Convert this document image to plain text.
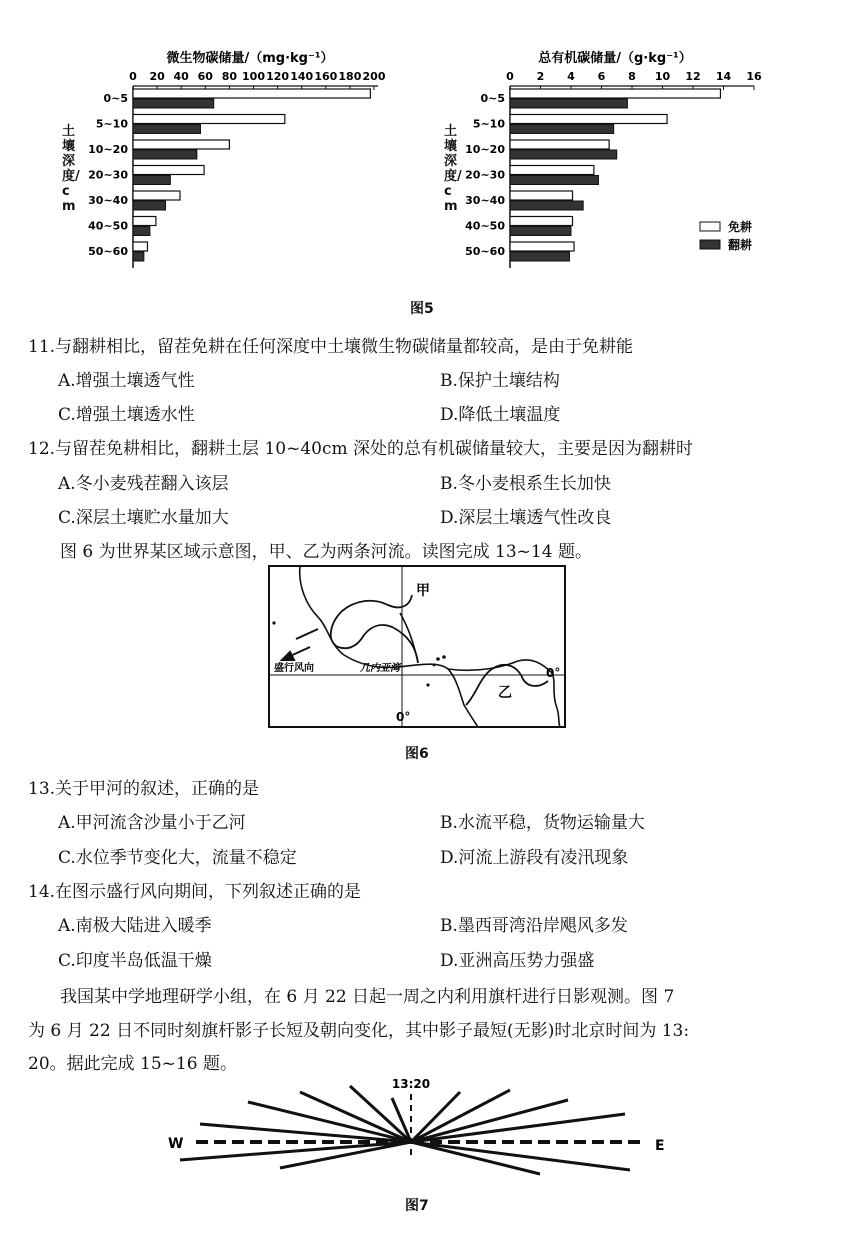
微生物碳储量/（mg·kg⁻¹）
0 20 40 60 80 100 120 140 160 180 200
0~5
5~10
10~20
20~30
30~40
40~50
50~60
总有机碳储量/（g·kg⁻¹）
0 2 4 6 8 10 12 14 16
0~5
5~10
10~20
20~30
30~40
40~50
50~60
免耕
翻耕
土壤深度/cm
土壤深度/cm
图5
11.与翻耕相比，留茬免耕在任何深度中土壤微生物碳储量都较高，是由于免耕能
A.增强土壤透气性	B.保护土壤结构
C.增强土壤透水性	D.降低土壤温度
12.与留茬免耕相比，翻耕土层 10~40cm 深处的总有机碳储量较大，主要是因为翻耕时
A.冬小麦残茬翻入该层	B.冬小麦根系生长加快
C.深层土壤贮水量加大	D.深层土壤透气性改良
图 6 为世界某区域示意图，甲、乙为两条河流。读图完成 13~14 题。
甲
乙
盛行风向	几内亚湾	0°
0°
图6
13.关于甲河的叙述，正确的是
A.甲河流含沙量小于乙河	B.水流平稳，货物运输量大
C.水位季节变化大，流量不稳定	D.河流上游段有凌汛现象
14.在图示盛行风向期间，下列叙述正确的是
A.南极大陆进入暖季	B.墨西哥湾沿岸飓风多发
C.印度半岛低温干燥	D.亚洲高压势力强盛
我国某中学地理研学小组，在 6 月 22 日起一周之内利用旗杆进行日影观测。图 7
为 6 月 22 日不同时刻旗杆影子长短及朝向变化，其中影子最短(无影)时北京时间为 13:
20。据此完成 15~16 题。
13:20
W	E
图7
